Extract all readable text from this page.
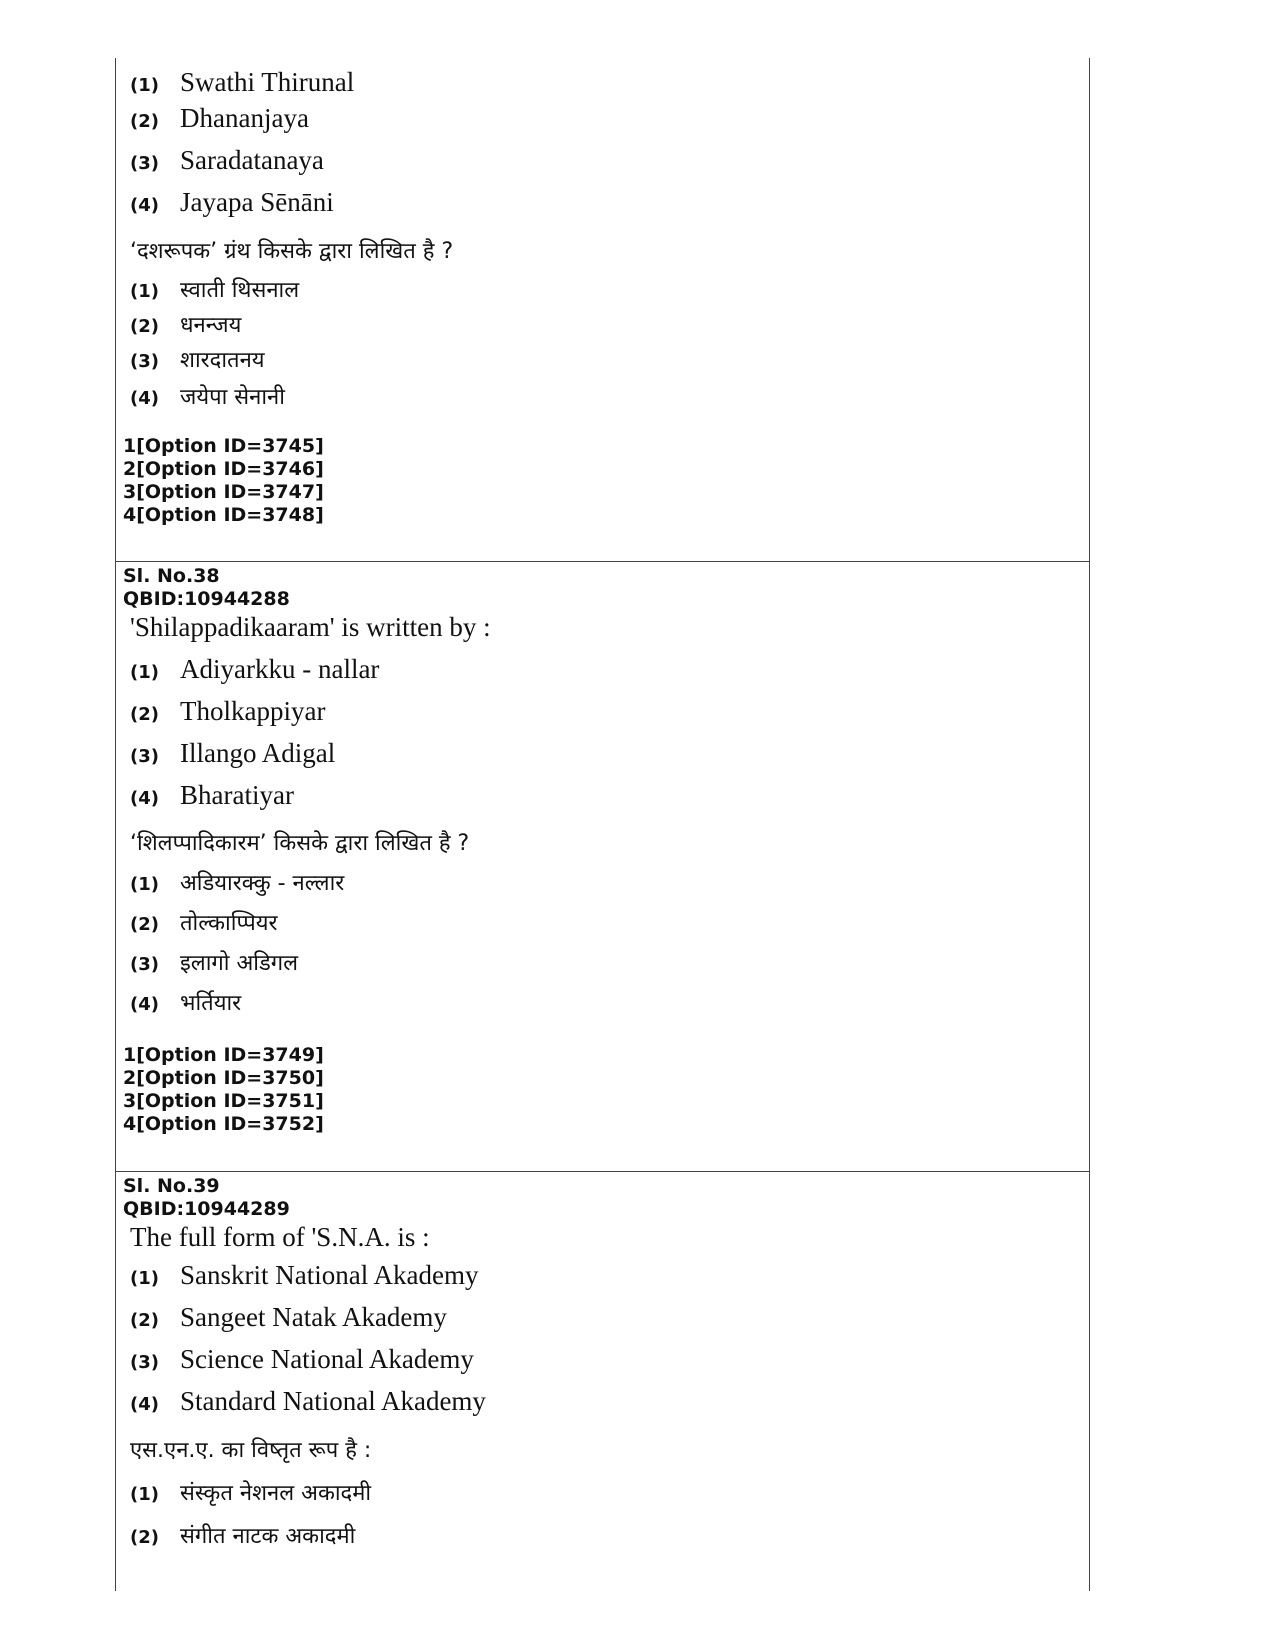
(1) Swathi Thirunal
(2) Dhananjaya
(3) Saradatanaya
(4) Jayapa Sēnāni
‘दशरूपक’ ग्रंथ किसके द्वारा लिखित है ?
(1) स्वाती थिसनाल
(2) धनन्जय
(3) शारदातनय
(4) जयेपा सेनानी
1[Option ID=3745]
2[Option ID=3746]
3[Option ID=3747]
4[Option ID=3748]
Sl. No.38
QBID:10944288
'Shilappadikaaram' is written by :
(1) Adiyarkku - nallar
(2) Tholkappiyar
(3) Illango Adigal
(4) Bharatiyar
‘शिलप्पादिकारम’ किसके द्वारा लिखित है ?
(1) अडियारक्कु - नल्लार
(2) तोल्काप्पियर
(3) इलागो अडिगल
(4) भर्तियार
1[Option ID=3749]
2[Option ID=3750]
3[Option ID=3751]
4[Option ID=3752]
Sl. No.39
QBID:10944289
The full form of 'S.N.A. is :
(1) Sanskrit National Akademy
(2) Sangeet Natak Akademy
(3) Science National Akademy
(4) Standard National Akademy
एस.एन.ए. का विष्तृत रूप है :
(1) संस्कृत नेशनल अकादमी
(2) संगीत नाटक अकादमी
